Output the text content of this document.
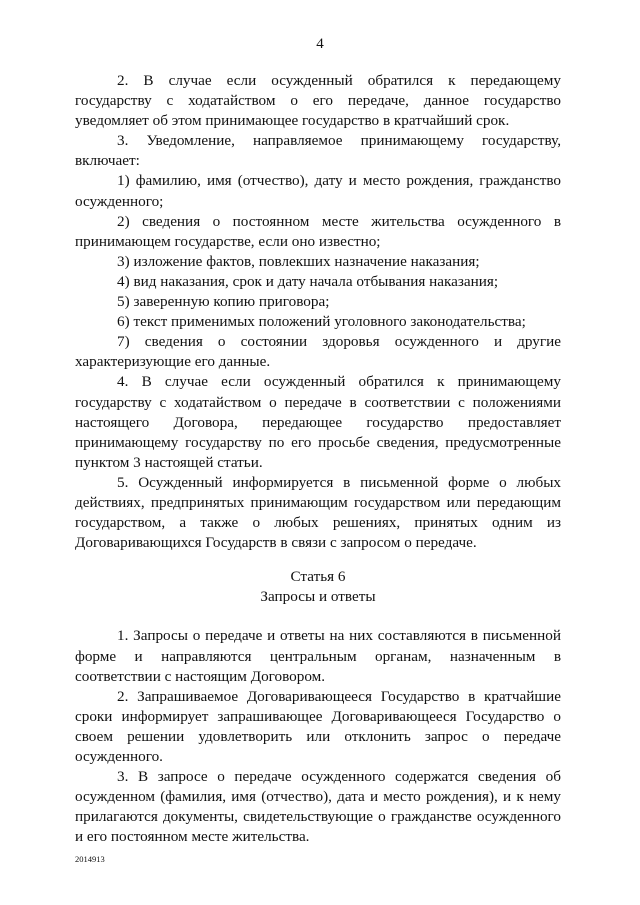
4

2. В случае если осужденный обратился к передающему государству с ходатайством о его передаче, данное государство уведомляет об этом принимающее государство в кратчайший срок.

3. Уведомление, направляемое принимающему государству, включает:

1) фамилию, имя (отчество), дату и место рождения, гражданство осужденного;

2) сведения о постоянном месте жительства осужденного в принимающем государстве, если оно известно;

3) изложение фактов, повлекших назначение наказания;

4) вид наказания, срок и дату начала отбывания наказания;

5) заверенную копию приговора;

6) текст применимых положений уголовного законодательства;

7) сведения о состоянии здоровья осужденного и другие характеризующие его данные.

4. В случае если осужденный обратился к принимающему государству с ходатайством о передаче в соответствии с положениями настоящего Договора, передающее государство предоставляет принимающему государству по его просьбе сведения, предусмотренные пунктом 3 настоящей статьи.

5. Осужденный информируется в письменной форме о любых действиях, предпринятых принимающим государством или передающим государством, а также о любых решениях, принятых одним из Договаривающихся Государств в связи с запросом о передаче.

Статья 6

Запросы и ответы

1. Запросы о передаче и ответы на них составляются в письменной форме и направляются центральным органам, назначенным в соответствии с настоящим Договором.

2. Запрашиваемое Договаривающееся Государство в кратчайшие сроки информирует запрашивающее Договаривающееся Государство о своем решении удовлетворить или отклонить запрос о передаче осужденного.

3. В запросе о передаче осужденного содержатся сведения об осужденном (фамилия, имя (отчество), дата и место рождения), и к нему прилагаются документы, свидетельствующие о гражданстве осужденного и его постоянном месте жительства.

2014913
